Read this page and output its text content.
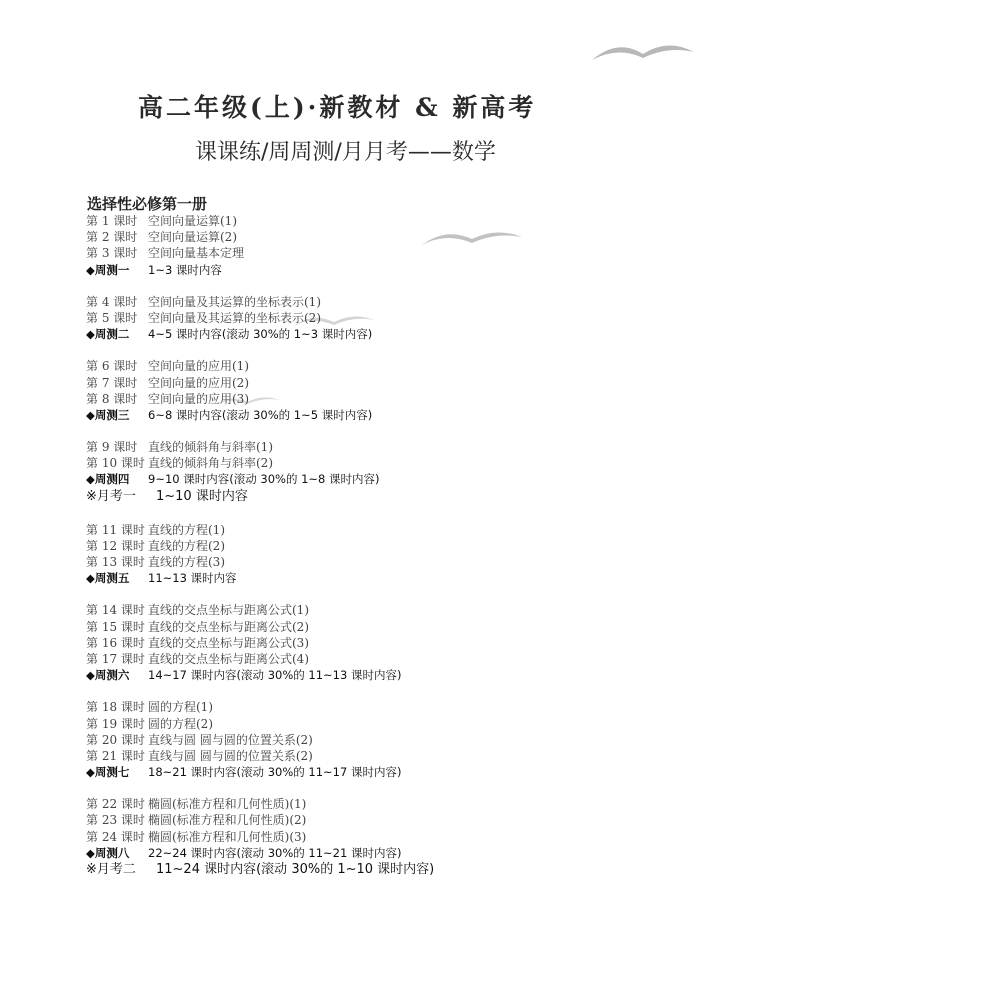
高二年级(上)·新教材 & 新高考
课课练/周周测/月月考——数学
选择性必修第一册
第 1 课时 空间向量运算(1)
第 2 课时 空间向量运算(2)
第 3 课时 空间向量基本定理
◆周测一 1~3 课时内容
第 4 课时 空间向量及其运算的坐标表示(1)
第 5 课时 空间向量及其运算的坐标表示(2)
◆周测二 4~5 课时内容(滚动 30%的 1~3 课时内容)
第 6 课时 空间向量的应用(1)
第 7 课时 空间向量的应用(2)
第 8 课时 空间向量的应用(3)
◆周测三 6~8 课时内容(滚动 30%的 1~5 课时内容)
第 9 课时 直线的倾斜角与斜率(1)
第 10 课时 直线的倾斜角与斜率(2)
◆周测四 9~10 课时内容(滚动 30%的 1~8 课时内容)
※月考一 1~10 课时内容
第 11 课时 直线的方程(1)
第 12 课时 直线的方程(2)
第 13 课时 直线的方程(3)
◆周测五 11~13 课时内容
第 14 课时 直线的交点坐标与距离公式(1)
第 15 课时 直线的交点坐标与距离公式(2)
第 16 课时 直线的交点坐标与距离公式(3)
第 17 课时 直线的交点坐标与距离公式(4)
◆周测六 14~17 课时内容(滚动 30%的 11~13 课时内容)
第 18 课时 圆的方程(1)
第 19 课时 圆的方程(2)
第 20 课时 直线与圆 圆与圆的位置关系(2)
第 21 课时 直线与圆 圆与圆的位置关系(2)
◆周测七 18~21 课时内容(滚动 30%的 11~17 课时内容)
第 22 课时 椭圆(标准方程和几何性质)(1)
第 23 课时 椭圆(标准方程和几何性质)(2)
第 24 课时 椭圆(标准方程和几何性质)(3)
◆周测八 22~24 课时内容(滚动 30%的 11~21 课时内容)
※月考二 11~24 课时内容(滚动 30%的 1~10 课时内容)
